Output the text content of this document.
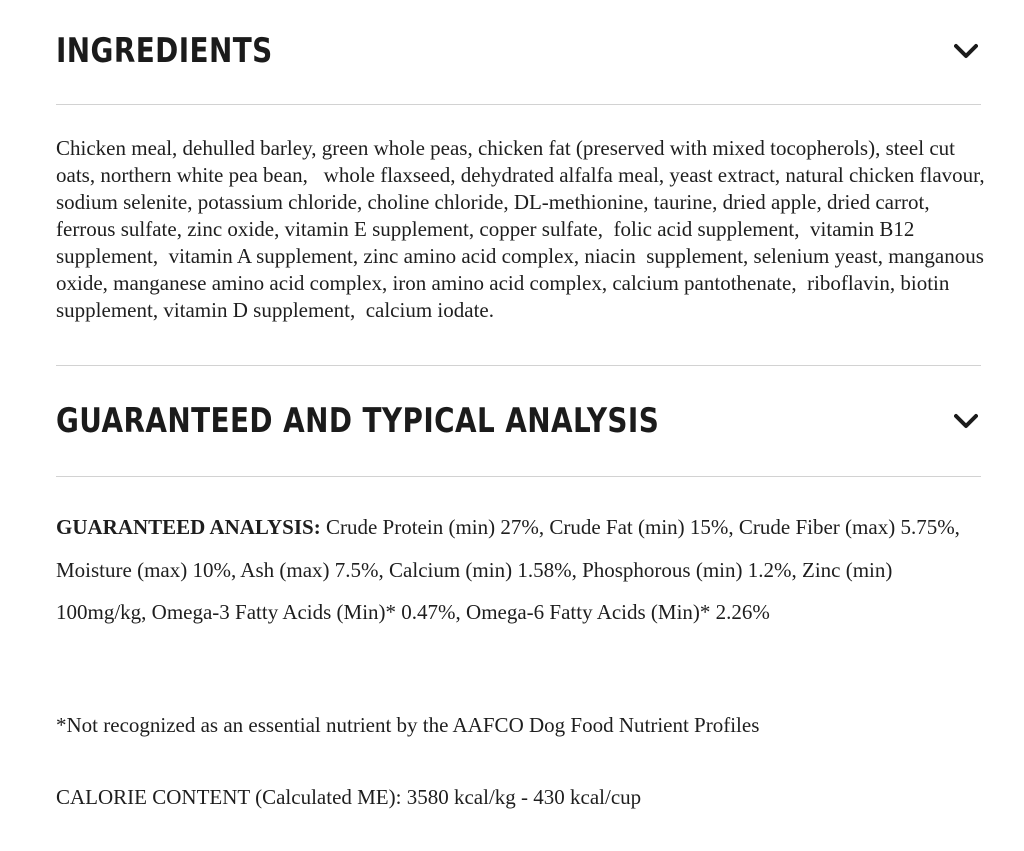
INGREDIENTS

Chicken meal, dehulled barley, green whole peas, chicken fat (preserved with mixed tocopherols), steel cut oats, northern white pea bean,   whole flaxseed, dehydrated alfalfa meal, yeast extract, natural chicken flavour, sodium selenite, potassium chloride, choline chloride, DL-methionine, taurine, dried apple, dried carrot, ferrous sulfate, zinc oxide, vitamin E supplement, copper sulfate,  folic acid supplement,  vitamin B12 supplement,  vitamin A supplement, zinc amino acid complex, niacin  supplement, selenium yeast, manganous oxide, manganese amino acid complex, iron amino acid complex, calcium pantothenate,  riboflavin, biotin supplement, vitamin D supplement,  calcium iodate.

GUARANTEED AND TYPICAL ANALYSIS

GUARANTEED ANALYSIS: Crude Protein (min) 27%, Crude Fat (min) 15%, Crude Fiber (max) 5.75%, Moisture (max) 10%, Ash (max) 7.5%, Calcium (min) 1.58%, Phosphorous (min) 1.2%, Zinc (min) 100mg/kg, Omega-3 Fatty Acids (Min)* 0.47%, Omega-6 Fatty Acids (Min)* 2.26%

*Not recognized as an essential nutrient by the AAFCO Dog Food Nutrient Profiles

CALORIE CONTENT (Calculated ME): 3580 kcal/kg - 430 kcal/cup
